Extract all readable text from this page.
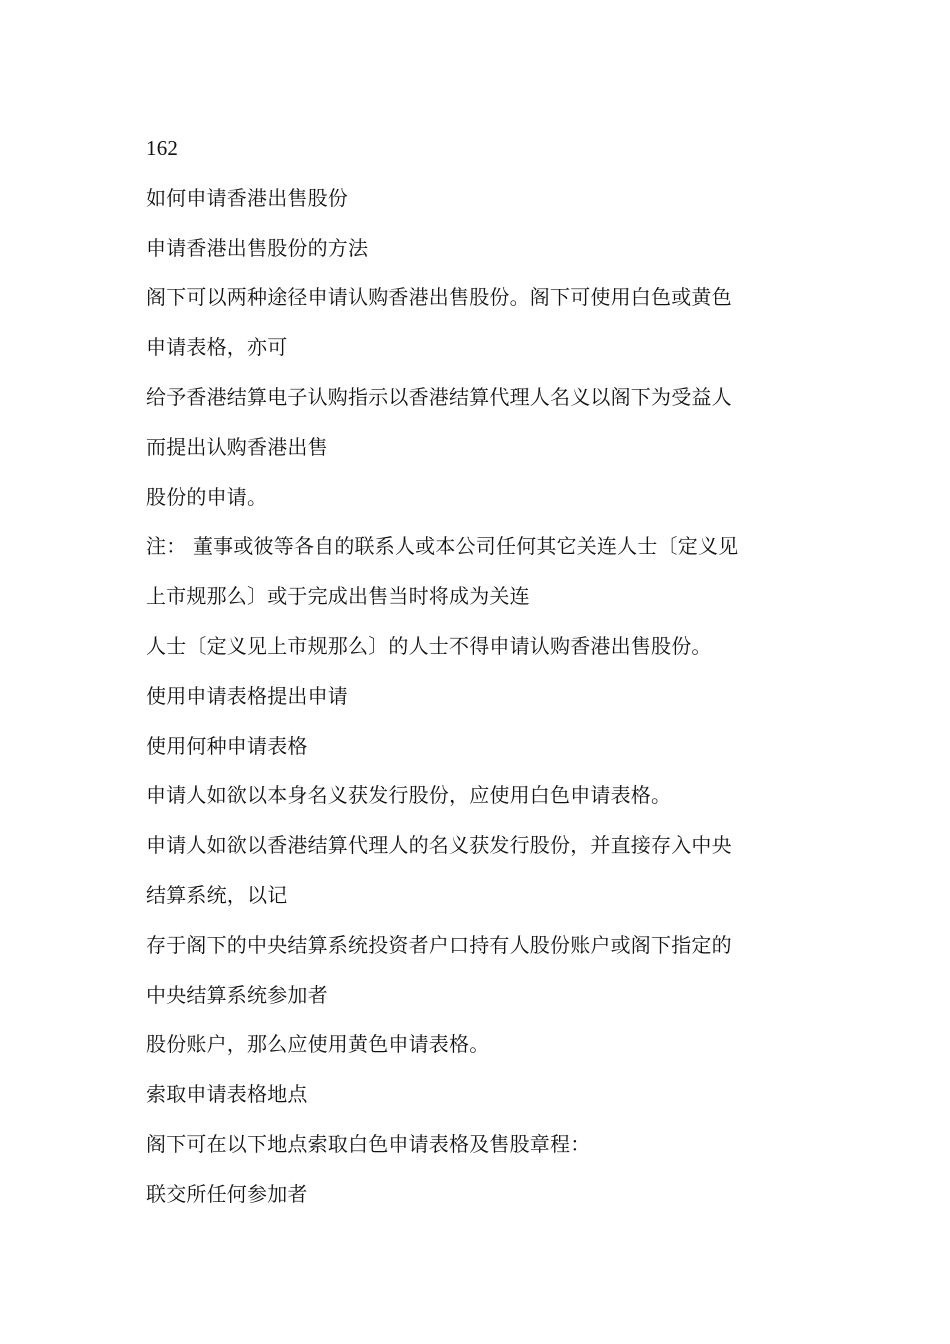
162
如何申请香港出售股份
申请香港出售股份的方法
阁下可以两种途径申请认购香港出售股份。阁下可使用白色或黄色
申请表格，亦可
给予香港结算电子认购指示以香港结算代理人名义以阁下为受益人
而提出认购香港出售
股份的申请。
注： 董事或彼等各自的联系人或本公司任何其它关连人士〔定义见
上市规那么〕或于完成出售当时将成为关连
人士〔定义见上市规那么〕的人士不得申请认购香港出售股份。
使用申请表格提出申请
使用何种申请表格
申请人如欲以本身名义获发行股份，应使用白色申请表格。
申请人如欲以香港结算代理人的名义获发行股份，并直接存入中央
结算系统，以记
存于阁下的中央结算系统投资者户口持有人股份账户或阁下指定的
中央结算系统参加者
股份账户，那么应使用黄色申请表格。
索取申请表格地点
阁下可在以下地点索取白色申请表格及售股章程：
联交所任何参加者
